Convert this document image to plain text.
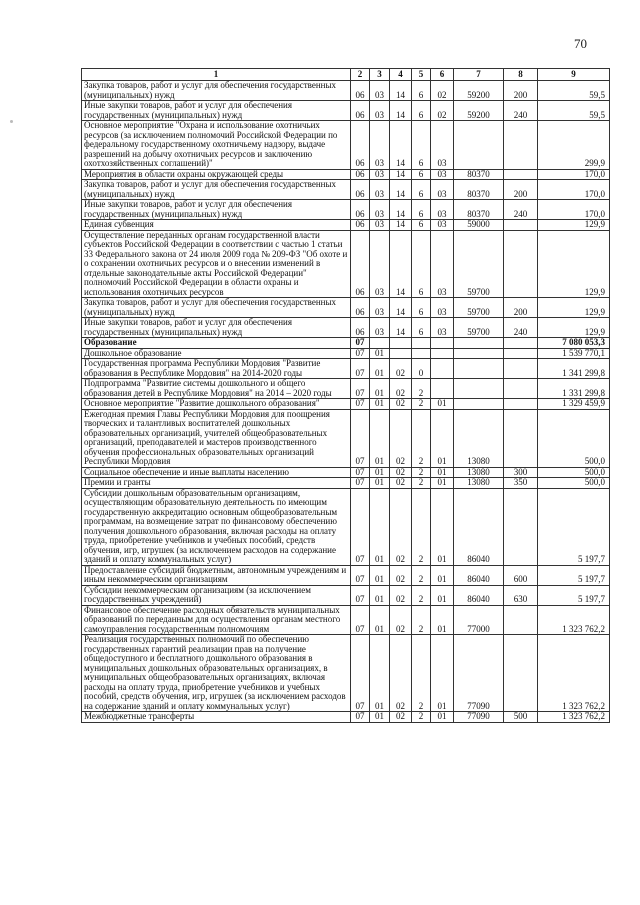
70
1	2	3	4	5	6	7	8	9
Закупка товаров, работ и услуг для обеспечения государственных (муниципальных) нужд	06	03	14	6	02	59200	200	59,5
Иные закупки товаров, работ и услуг для обеспечения государственных (муниципальных) нужд	06	03	14	6	02	59200	240	59,5
Основное мероприятие "Охрана и использование охотничьих ресурсов (за исключением полномочий Российской Федерации по федеральному государственному охотничьему надзору, выдаче разрешений на добычу охотничьих ресурсов и заключению охотхозяйственных соглашений)"	06	03	14	6	03			299,9
Мероприятия в области охраны окружающей среды	06	03	14	6	03	80370		170,0
Закупка товаров, работ и услуг для обеспечения государственных (муниципальных) нужд	06	03	14	6	03	80370	200	170,0
Иные закупки товаров, работ и услуг для обеспечения государственных (муниципальных) нужд	06	03	14	6	03	80370	240	170,0
Единая субвенция	06	03	14	6	03	59000		129,9
Осуществление переданных органам государственной власти субъектов Российской Федерации в соответствии с частью 1 статьи 33 Федерального закона от 24 июля 2009 года № 209-ФЗ "Об охоте и о сохранении охотничьих ресурсов и о внесении изменений в отдельные законодательные акты Российской Федерации" полномочий Российской Федерации в области охраны и использования охотничьих ресурсов	06	03	14	6	03	59700		129,9
Закупка товаров, работ и услуг для обеспечения государственных (муниципальных) нужд	06	03	14	6	03	59700	200	129,9
Иные закупки товаров, работ и услуг для обеспечения государственных (муниципальных) нужд	06	03	14	6	03	59700	240	129,9
Образование	07							7 080 053,3
Дошкольное образование	07	01						1 539 770,1
Государственная программа Республики Мордовия "Развитие образования в Республике Мордовия" на 2014-2020 годы	07	01	02	0				1 341 299,8
Подпрограмма "Развитие системы дошкольного и общего образования детей в Республике Мордовия" на 2014 – 2020 годы	07	01	02	2				1 331 299,8
Основное мероприятие "Развитие дошкольного образования"	07	01	02	2	01			1 329 459,9
Ежегодная премия Главы Республики Мордовия для поощрения творческих и талантливых воспитателей дошкольных образовательных организаций, учителей общеобразовательных организаций, преподавателей и мастеров производственного обучения профессиональных образовательных организаций Республики Мордовия	07	01	02	2	01	13080		500,0
Социальное обеспечение и иные выплаты населению	07	01	02	2	01	13080	300	500,0
Премии и гранты	07	01	02	2	01	13080	350	500,0
Субсидии дошкольным образовательным организациям, осуществляющим образовательную деятельность по имеющим государственную аккредитацию основным общеобразовательным программам, на возмещение затрат по финансовому обеспечению получения дошкольного образования, включая расходы на оплату труда, приобретение учебников и учебных пособий, средств обучения, игр, игрушек (за исключением расходов на содержание зданий и оплату коммунальных услуг)	07	01	02	2	01	86040		5 197,7
Предоставление субсидий бюджетным, автономным учреждениям и иным некоммерческим организациям	07	01	02	2	01	86040	600	5 197,7
Субсидии некоммерческим организациям (за исключением государственных учреждений)	07	01	02	2	01	86040	630	5 197,7
Финансовое обеспечение расходных обязательств муниципальных образований по переданным для осуществления органам местного самоуправления государственным полномочиям	07	01	02	2	01	77000		1 323 762,2
Реализация государственных полномочий по обеспечению государственных гарантий реализации прав на получение общедоступного и бесплатного дошкольного образования в муниципальных дошкольных образовательных организациях, в муниципальных общеобразовательных организациях, включая расходы на оплату труда, приобретение учебников и учебных пособий, средств обучения, игр, игрушек (за исключением расходов на содержание зданий и оплату коммунальных услуг)	07	01	02	2	01	77090		1 323 762,2
Межбюджетные трансферты	07	01	02	2	01	77090	500	1 323 762,2
